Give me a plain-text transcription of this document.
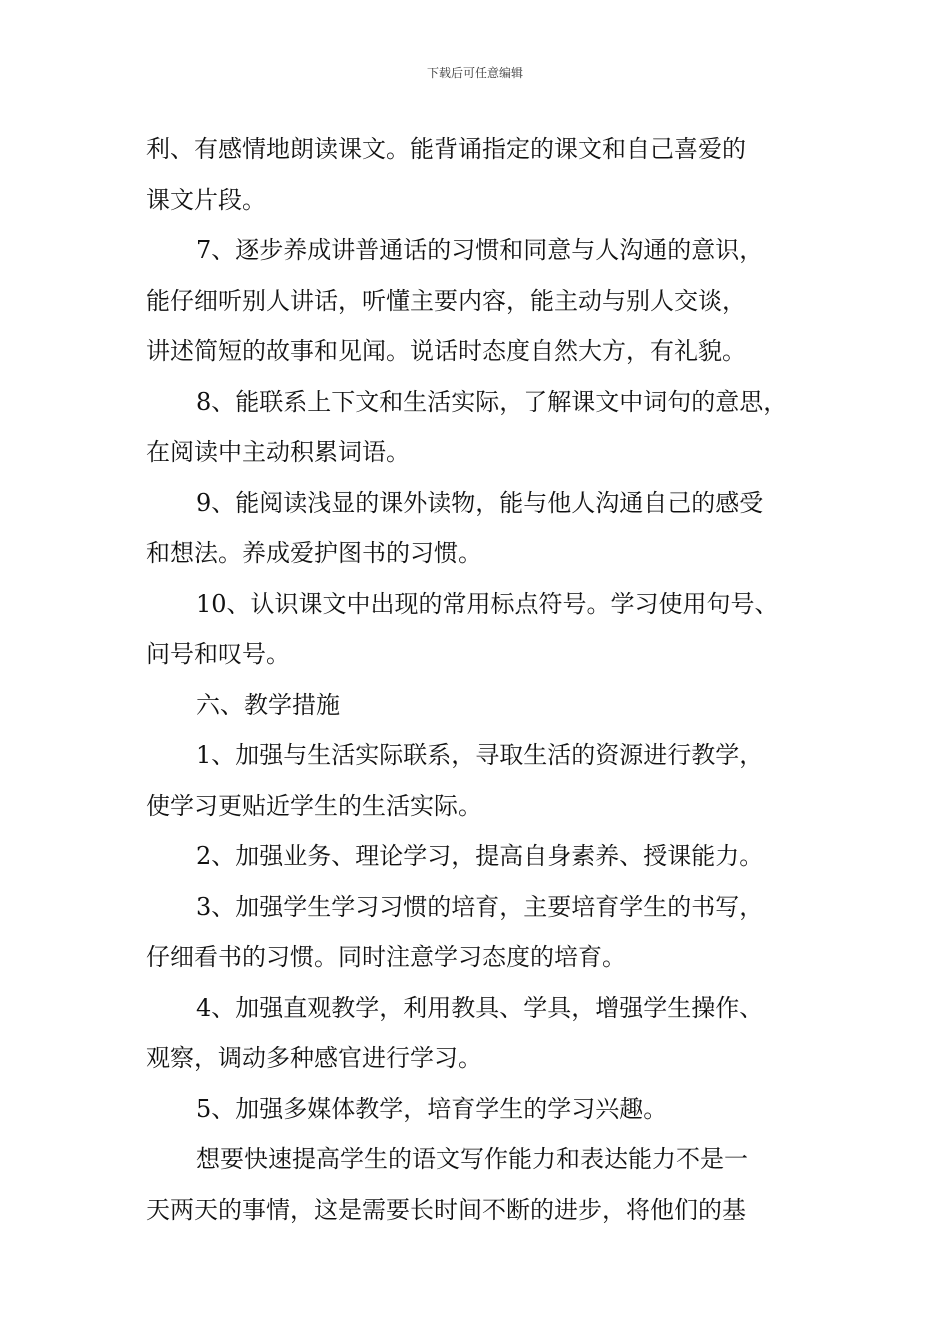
下载后可任意编辑
利、有感情地朗读课文。能背诵指定的课文和自己喜爱的
课文片段。
7、逐步养成讲普通话的习惯和同意与人沟通的意识，
能仔细听别人讲话，听懂主要内容，能主动与别人交谈，
讲述简短的故事和见闻。说话时态度自然大方，有礼貌。
8、能联系上下文和生活实际，了解课文中词句的意思，
在阅读中主动积累词语。
9、能阅读浅显的课外读物，能与他人沟通自己的感受
和想法。养成爱护图书的习惯。
10、认识课文中出现的常用标点符号。学习使用句号、
问号和叹号。
六、教学措施
1、加强与生活实际联系，寻取生活的资源进行教学，
使学习更贴近学生的生活实际。
2、加强业务、理论学习，提高自身素养、授课能力。
3、加强学生学习习惯的培育，主要培育学生的书写，
仔细看书的习惯。同时注意学习态度的培育。
4、加强直观教学，利用教具、学具，增强学生操作、
观察，调动多种感官进行学习。
5、加强多媒体教学，培育学生的学习兴趣。
想要快速提高学生的语文写作能力和表达能力不是一
天两天的事情，这是需要长时间不断的进步，将他们的基
